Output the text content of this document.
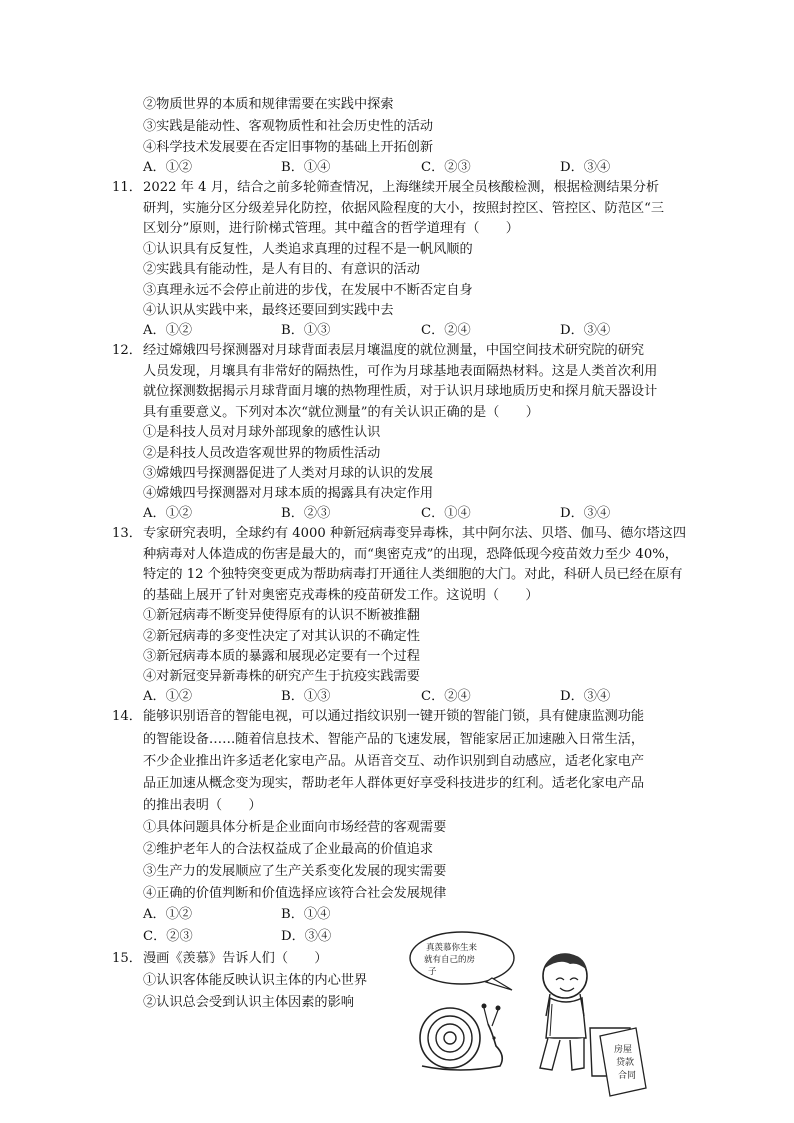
②物质世界的本质和规律需要在实践中探索
③实践是能动性、客观物质性和社会历史性的活动
④科学技术发展要在否定旧事物的基础上开拓创新
A．①②	B．①④	C．②③	D．③④
11． 2022 年 4 月，结合之前多轮筛查情况，上海继续开展全员核酸检测，根据检测结果分析
研判，实施分区分级差异化防控，依据风险程度的大小，按照封控区、管控区、防范区“三
区划分”原则，进行阶梯式管理。其中蕴含的哲学道理有（　　）
①认识具有反复性，人类追求真理的过程不是一帆风顺的
②实践具有能动性，是人有目的、有意识的活动
③真理永远不会停止前进的步伐，在发展中不断否定自身
④认识从实践中来，最终还要回到实践中去
A．①②	B．①③	C．②④	D．③④
12． 经过嫦娥四号探测器对月球背面表层月壤温度的就位测量，中国空间技术研究院的研究
人员发现，月壤具有非常好的隔热性，可作为月球基地表面隔热材料。这是人类首次利用
就位探测数据揭示月球背面月壤的热物理性质，对于认识月球地质历史和探月航天器设计
具有重要意义。下列对本次“就位测量”的有关认识正确的是（　　）
①是科技人员对月球外部现象的感性认识
②是科技人员改造客观世界的物质性活动
③嫦娥四号探测器促进了人类对月球的认识的发展
④嫦娥四号探测器对月球本质的揭露具有决定作用
A．①②	B．②③	C．①④	D．③④
13． 专家研究表明，全球约有 4000 种新冠病毒变异毒株，其中阿尔法、贝塔、伽马、德尔塔这四
种病毒对人体造成的伤害是最大的，而“奥密克戎”的出现，恐降低现今疫苗效力至少 40%，
特定的 12 个独特突变更成为帮助病毒打开通往人类细胞的大门。对此，科研人员已经在原有
的基础上展开了针对奥密克戎毒株的疫苗研发工作。这说明（　　）
①新冠病毒不断变异使得原有的认识不断被推翻
②新冠病毒的多变性决定了对其认识的不确定性
③新冠病毒本质的暴露和展现必定要有一个过程
④对新冠变异新毒株的研究产生于抗疫实践需要
A．①②	B．①③	C．②④	D．③④
14． 能够识别语音的智能电视，可以通过指纹识别一键开锁的智能门锁，具有健康监测功能
的智能设备……随着信息技术、智能产品的飞速发展，智能家居正加速融入日常生活，
不少企业推出许多适老化家电产品。从语音交互、动作识别到自动感应，适老化家电产
品正加速从概念变为现实，帮助老年人群体更好享受科技进步的红利。适老化家电产品
的推出表明（　　）
①具体问题具体分析是企业面向市场经营的客观需要
②维护老年人的合法权益成了企业最高的价值追求
③生产力的发展顺应了生产关系变化发展的现实需要
④正确的价值判断和价值选择应该符合社会发展规律
A．①②	B．①④
C．②③	D．③④
15． 漫画《羡慕》告诉人们（　　）
①认识客体能反映认识主体的内心世界
②认识总会受到认识主体因素的影响
真羡慕你生来
就有自己的房
子
房屋
贷款
合同
